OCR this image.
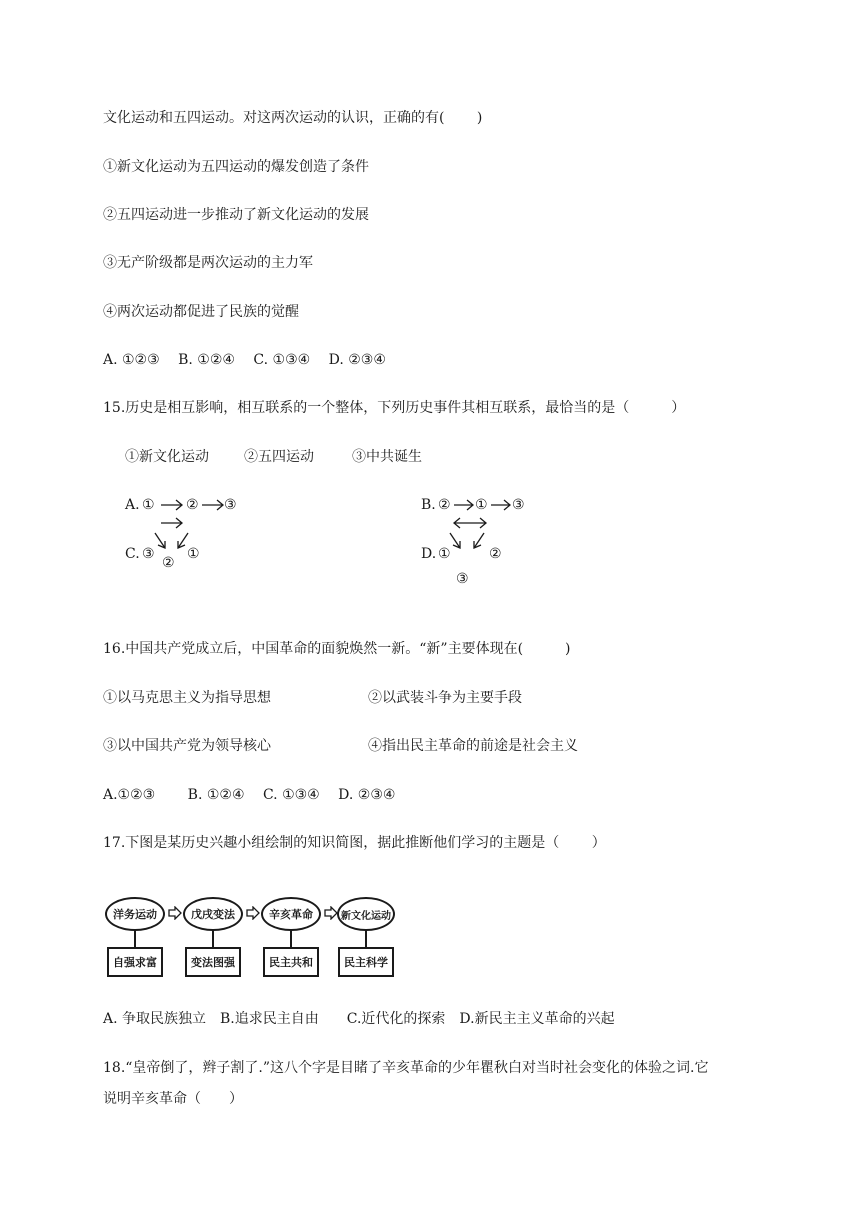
文化运动和五四运动。对这两次运动的认识，正确的有(　　 )
①新文化运动为五四运动的爆发创造了条件
②五四运动进一步推动了新文化运动的发展
③无产阶级都是两次运动的主力军
④两次运动都促进了民族的觉醒
A. ①②③　 B. ①②④　 C. ①③④　 D. ②③④
15.历史是相互影响，相互联系的一个整体，下列历史事件其相互联系，最恰当的是（　　　）
①新文化运动	②五四运动	③中共诞生
A. ① ② ③	B. ② ① ③
C. ③
②
①	D. ①	②
③
16.中国共产党成立后，中国革命的面貌焕然一新。“新”主要体现在(　　　)
①以马克思主义为指导思想	②以武装斗争为主要手段
③以中国共产党为领导核心	④指出民主革命的前途是社会主义
A.①②③　　 B. ①②④　 C. ①③④　 D. ②③④
17.下图是某历史兴趣小组绘制的知识简图，据此推断他们学习的主题是（　　 ）
洋务运动
自强求富
戊戌变法
变法图强
辛亥革命
民主共和
新文化运动
民主科学
A. 争取民族独立　B.追求民主自由　　C.近代化的探索　D.新民主主义革命的兴起
18.“皇帝倒了，辫子割了.”这八个字是目睹了辛亥革命的少年瞿秋白对当时社会变化的体验之词.它
说明辛亥革命（　　）
